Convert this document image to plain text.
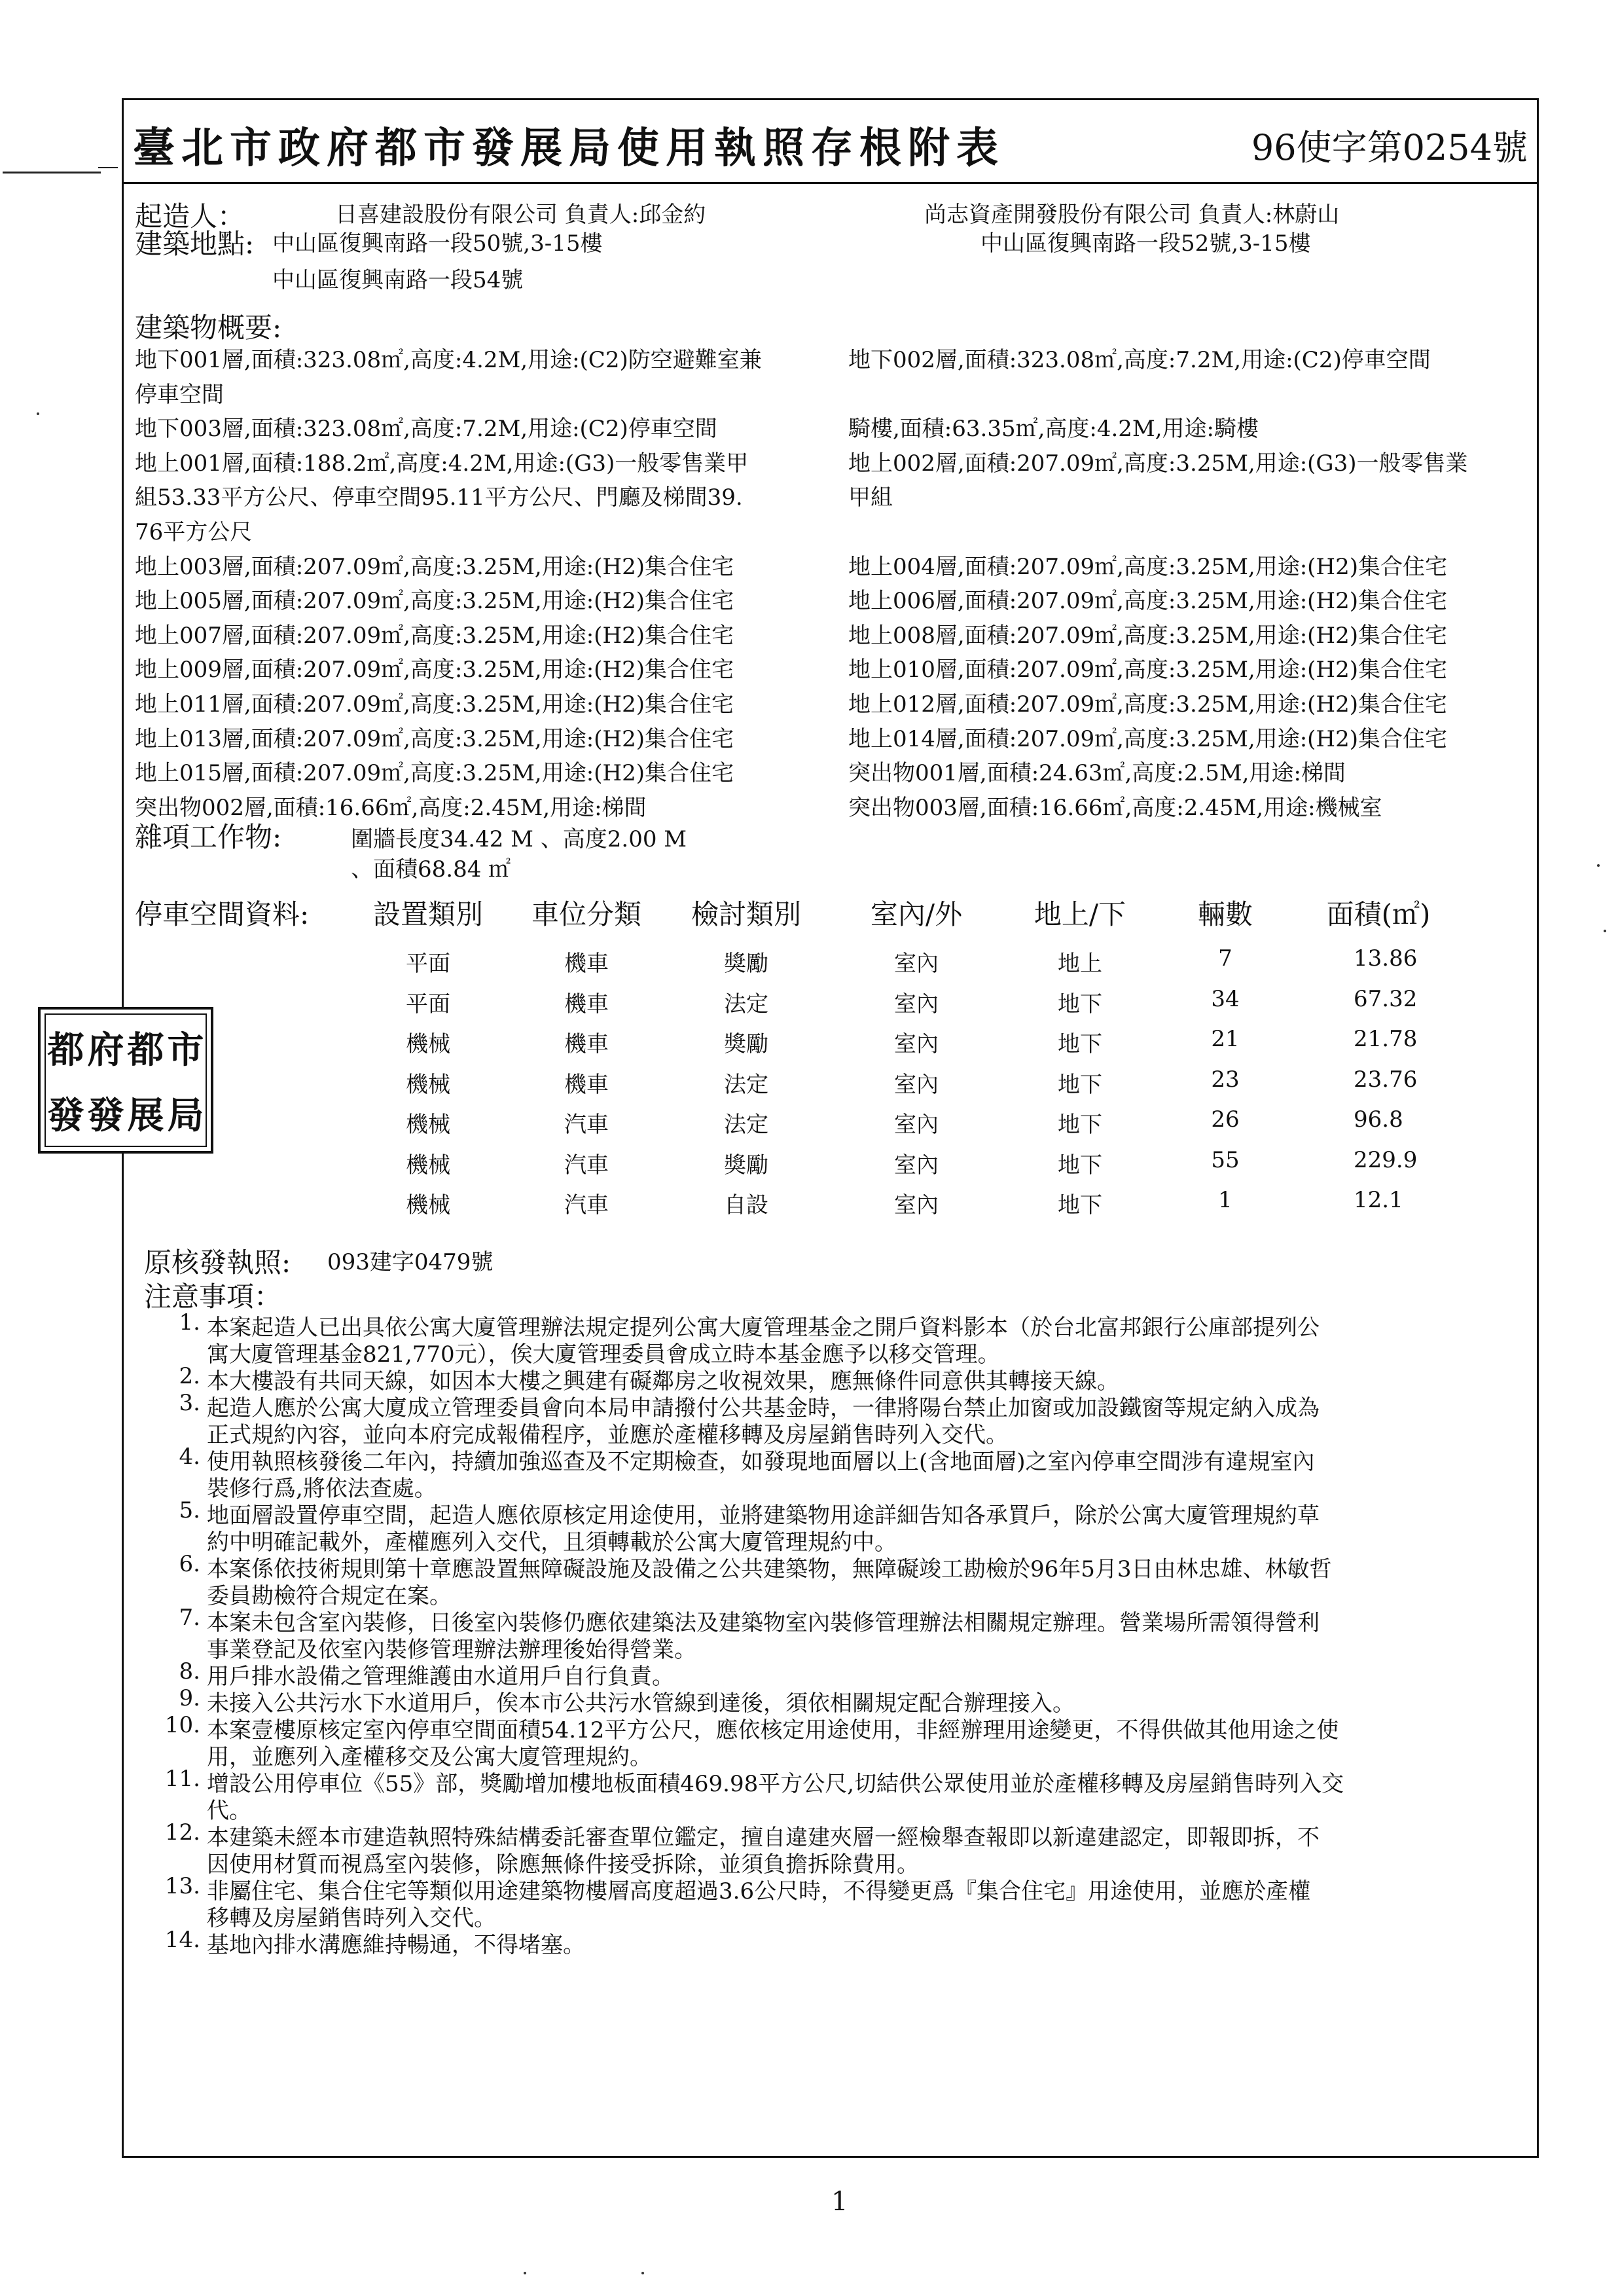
臺北市政府都市發展局使用執照存根附表	96使字第0254號
起造人：	日喜建設股份有限公司 負責人:邱金約	尚志資產開發股份有限公司 負責人:林蔚山
建築地點: 中山區復興南路一段50號,3-15樓	中山區復興南路一段52號,3-15樓
中山區復興南路一段54號
建築物概要:
地下001層,面積:323.08㎡,高度:4.2M,用途:(C2)防空避難室兼	地下002層,面積:323.08㎡,高度:7.2M,用途:(C2)停車空間
停車空間
地下003層,面積:323.08㎡,高度:7.2M,用途:(C2)停車空間	騎樓,面積:63.35㎡,高度:4.2M,用途:騎樓
地上001層,面積:188.2㎡,高度:4.2M,用途:(G3)一般零售業甲	地上002層,面積:207.09㎡,高度:3.25M,用途:(G3)一般零售業
組53.33平方公尺、停車空間95.11平方公尺、門廳及梯間39.	甲組
76平方公尺
地上003層,面積:207.09㎡,高度:3.25M,用途:(H2)集合住宅	地上004層,面積:207.09㎡,高度:3.25M,用途:(H2)集合住宅
地上005層,面積:207.09㎡,高度:3.25M,用途:(H2)集合住宅	地上006層,面積:207.09㎡,高度:3.25M,用途:(H2)集合住宅
地上007層,面積:207.09㎡,高度:3.25M,用途:(H2)集合住宅	地上008層,面積:207.09㎡,高度:3.25M,用途:(H2)集合住宅
地上009層,面積:207.09㎡,高度:3.25M,用途:(H2)集合住宅	地上010層,面積:207.09㎡,高度:3.25M,用途:(H2)集合住宅
地上011層,面積:207.09㎡,高度:3.25M,用途:(H2)集合住宅	地上012層,面積:207.09㎡,高度:3.25M,用途:(H2)集合住宅
地上013層,面積:207.09㎡,高度:3.25M,用途:(H2)集合住宅	地上014層,面積:207.09㎡,高度:3.25M,用途:(H2)集合住宅
地上015層,面積:207.09㎡,高度:3.25M,用途:(H2)集合住宅	突出物001層,面積:24.63㎡,高度:2.5M,用途:梯間
突出物002層,面積:16.66㎡,高度:2.45M,用途:梯間	突出物003層,面積:16.66㎡,高度:2.45M,用途:機械室
雜項工作物:	圍牆長度34.42 M 、高度2.00 M
、面積68.84 ㎡
停車空間資料: 設置類別 車位分類 檢討類別	室內/外	地上/下	輛數	面積(㎡)
平面	機車	獎勵	室內	地上	7	13.86
平面	機車	法定	室內	地下	34	67.32
機械	機車	獎勵	室內	地下	21	21.78
機械	機車	法定	室內	地下	23	23.76
機械	汽車	法定	室內	地下	26	96.8
機械	汽車	獎勵	室內	地下	55	229.9
機械	汽車	自設	室內	地下	1	12.1
都 府 都 市
發 發 展 局
原核發執照: 093建字0479號
注意事項：
1. 本案起造人已出具依公寓大廈管理辦法規定提列公寓大廈管理基金之開戶資料影本（於台北富邦銀行公庫部提列公
寓大廈管理基金821,770元），俟大廈管理委員會成立時本基金應予以移交管理。
2. 本大樓設有共同天線，如因本大樓之興建有礙鄰房之收視效果，應無條件同意供其轉接天線。
3. 起造人應於公寓大廈成立管理委員會向本局申請撥付公共基金時，一律將陽台禁止加窗或加設鐵窗等規定納入成為
正式規約內容，並向本府完成報備程序，並應於產權移轉及房屋銷售時列入交代。
4. 使用執照核發後二年內，持續加強巡查及不定期檢查，如發現地面層以上(含地面層)之室內停車空間涉有違規室內
裝修行爲,將依法查處。
5. 地面層設置停車空間，起造人應依原核定用途使用，並將建築物用途詳細告知各承買戶，除於公寓大廈管理規約草
約中明確記載外，產權應列入交代，且須轉載於公寓大廈管理規約中。
6. 本案係依技術規則第十章應設置無障礙設施及設備之公共建築物，無障礙竣工勘檢於96年5月3日由林忠雄、林敏哲
委員勘檢符合規定在案。
7. 本案未包含室內裝修，日後室內裝修仍應依建築法及建築物室內裝修管理辦法相關規定辦理。營業場所需領得營利
事業登記及依室內裝修管理辦法辦理後始得營業。
8. 用戶排水設備之管理維護由水道用戶自行負責。
9. 未接入公共污水下水道用戶，俟本市公共污水管線到達後，須依相關規定配合辦理接入。
10. 本案壹樓原核定室內停車空間面積54.12平方公尺，應依核定用途使用，非經辦理用途變更，不得供做其他用途之使
用，並應列入產權移交及公寓大廈管理規約。
11. 增設公用停車位《55》部，獎勵增加樓地板面積469.98平方公尺,切結供公眾使用並於產權移轉及房屋銷售時列入交
代。
12. 本建築未經本市建造執照特殊結構委託審查單位鑑定，擅自違建夾層一經檢舉查報即以新違建認定，即報即拆，不
因使用材質而視爲室內裝修，除應無條件接受拆除，並須負擔拆除費用。
13. 非屬住宅、集合住宅等類似用途建築物樓層高度超過3.6公尺時，不得變更爲『集合住宅』用途使用，並應於產權
移轉及房屋銷售時列入交代。
14. 基地內排水溝應維持暢通，不得堵塞。
1
